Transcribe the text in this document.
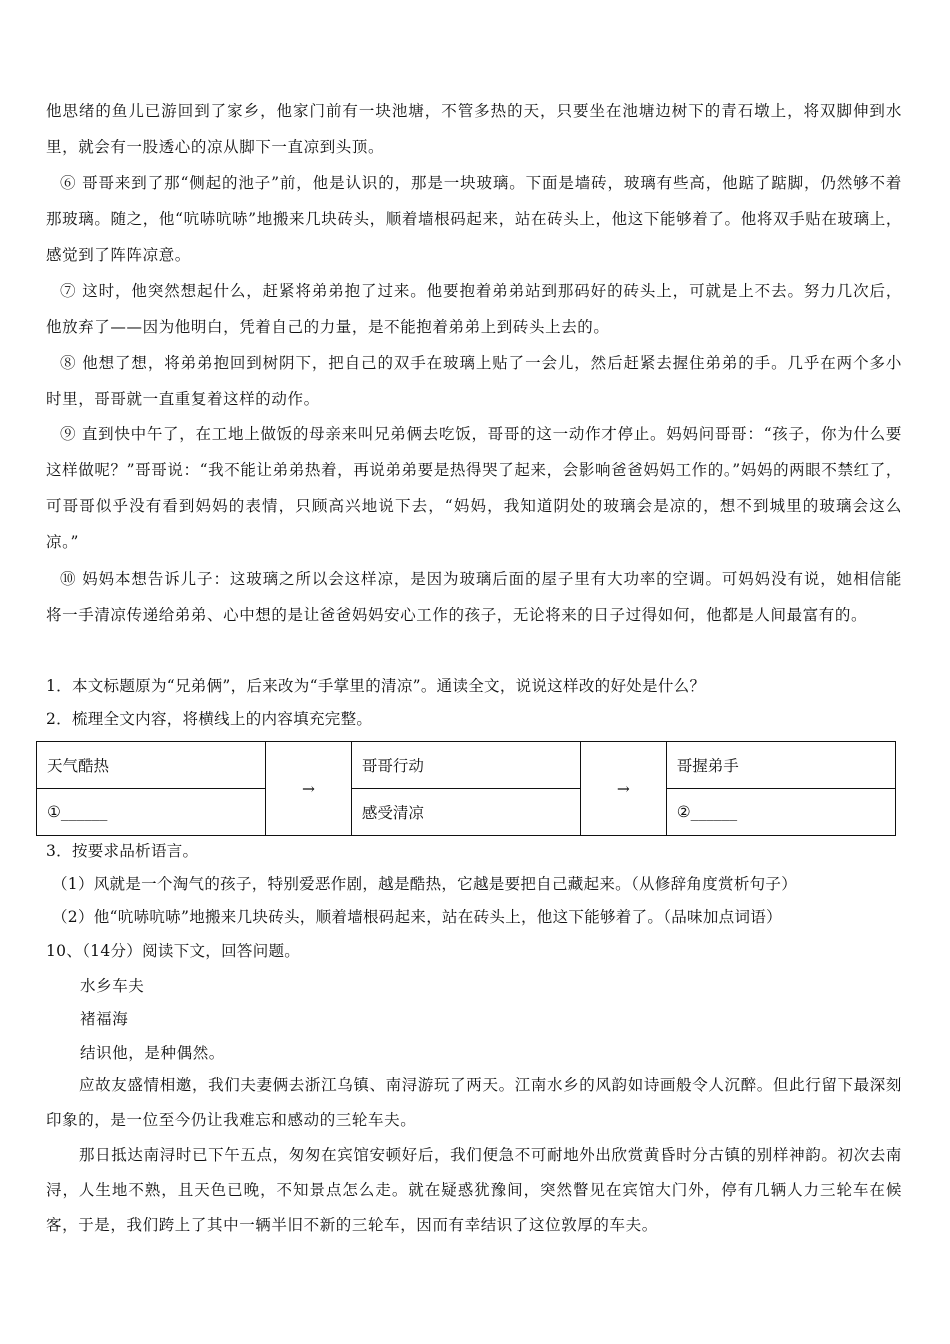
他思绪的鱼儿已游回到了家乡，他家门前有一块池塘，不管多热的天，只要坐在池塘边树下的青石墩上，将双脚伸到水里，就会有一股透心的凉从脚下一直凉到头顶。

⑥ 哥哥来到了那“侧起的池子”前，他是认识的，那是一块玻璃。下面是墙砖，玻璃有些高，他踮了踮脚，仍然够不着那玻璃。随之，他“吭哧吭哧”地搬来几块砖头，顺着墙根码起来，站在砖头上，他这下能够着了。他将双手贴在玻璃上，感觉到了阵阵凉意。

⑦ 这时，他突然想起什么，赶紧将弟弟抱了过来。他要抱着弟弟站到那码好的砖头上，可就是上不去。努力几次后，他放弃了——因为他明白，凭着自己的力量，是不能抱着弟弟上到砖头上去的。

⑧ 他想了想，将弟弟抱回到树阴下，把自己的双手在玻璃上贴了一会儿，然后赶紧去握住弟弟的手。几乎在两个多小时里，哥哥就一直重复着这样的动作。

⑨ 直到快中午了，在工地上做饭的母亲来叫兄弟俩去吃饭，哥哥的这一动作才停止。妈妈问哥哥：“孩子，你为什么要这样做呢？”哥哥说：“我不能让弟弟热着，再说弟弟要是热得哭了起来，会影响爸爸妈妈工作的。”妈妈的两眼不禁红了，可哥哥似乎没有看到妈妈的表情，只顾高兴地说下去，“妈妈，我知道阴处的玻璃会是凉的，想不到城里的玻璃会这么凉。”

⑩ 妈妈本想告诉儿子：这玻璃之所以会这样凉，是因为玻璃后面的屋子里有大功率的空调。可妈妈没有说，她相信能将一手清凉传递给弟弟、心中想的是让爸爸妈妈安心工作的孩子，无论将来的日子过得如何，他都是人间最富有的。

1．本文标题原为“兄弟俩”，后来改为“手掌里的清凉”。通读全文，说说这样改的好处是什么？

2．梳理全文内容，将横线上的内容填充完整。

天气酷热	→	哥哥行动	→	哥握弟手
①______		感受清凉		②______

3．按要求品析语言。

（1）风就是一个淘气的孩子，特别爱恶作剧，越是酷热，它越是要把自己藏起来。（从修辞角度赏析句子）

（2）他“吭哧吭哧”地搬来几块砖头，顺着墙根码起来，站在砖头上，他这下能够着了。（品味加点词语）

10、（14分）阅读下文，回答问题。

水乡车夫

褚福海

结识他，是种偶然。

应故友盛情相邀，我们夫妻俩去浙江乌镇、南浔游玩了两天。江南水乡的风韵如诗画般令人沉醉。但此行留下最深刻印象的，是一位至今仍让我难忘和感动的三轮车夫。

那日抵达南浔时已下午五点，匆匆在宾馆安顿好后，我们便急不可耐地外出欣赏黄昏时分古镇的别样神韵。初次去南浔，人生地不熟，且天色已晚，不知景点怎么走。就在疑惑犹豫间，突然瞥见在宾馆大门外，停有几辆人力三轮车在候客，于是，我们跨上了其中一辆半旧不新的三轮车，因而有幸结识了这位敦厚的车夫。
